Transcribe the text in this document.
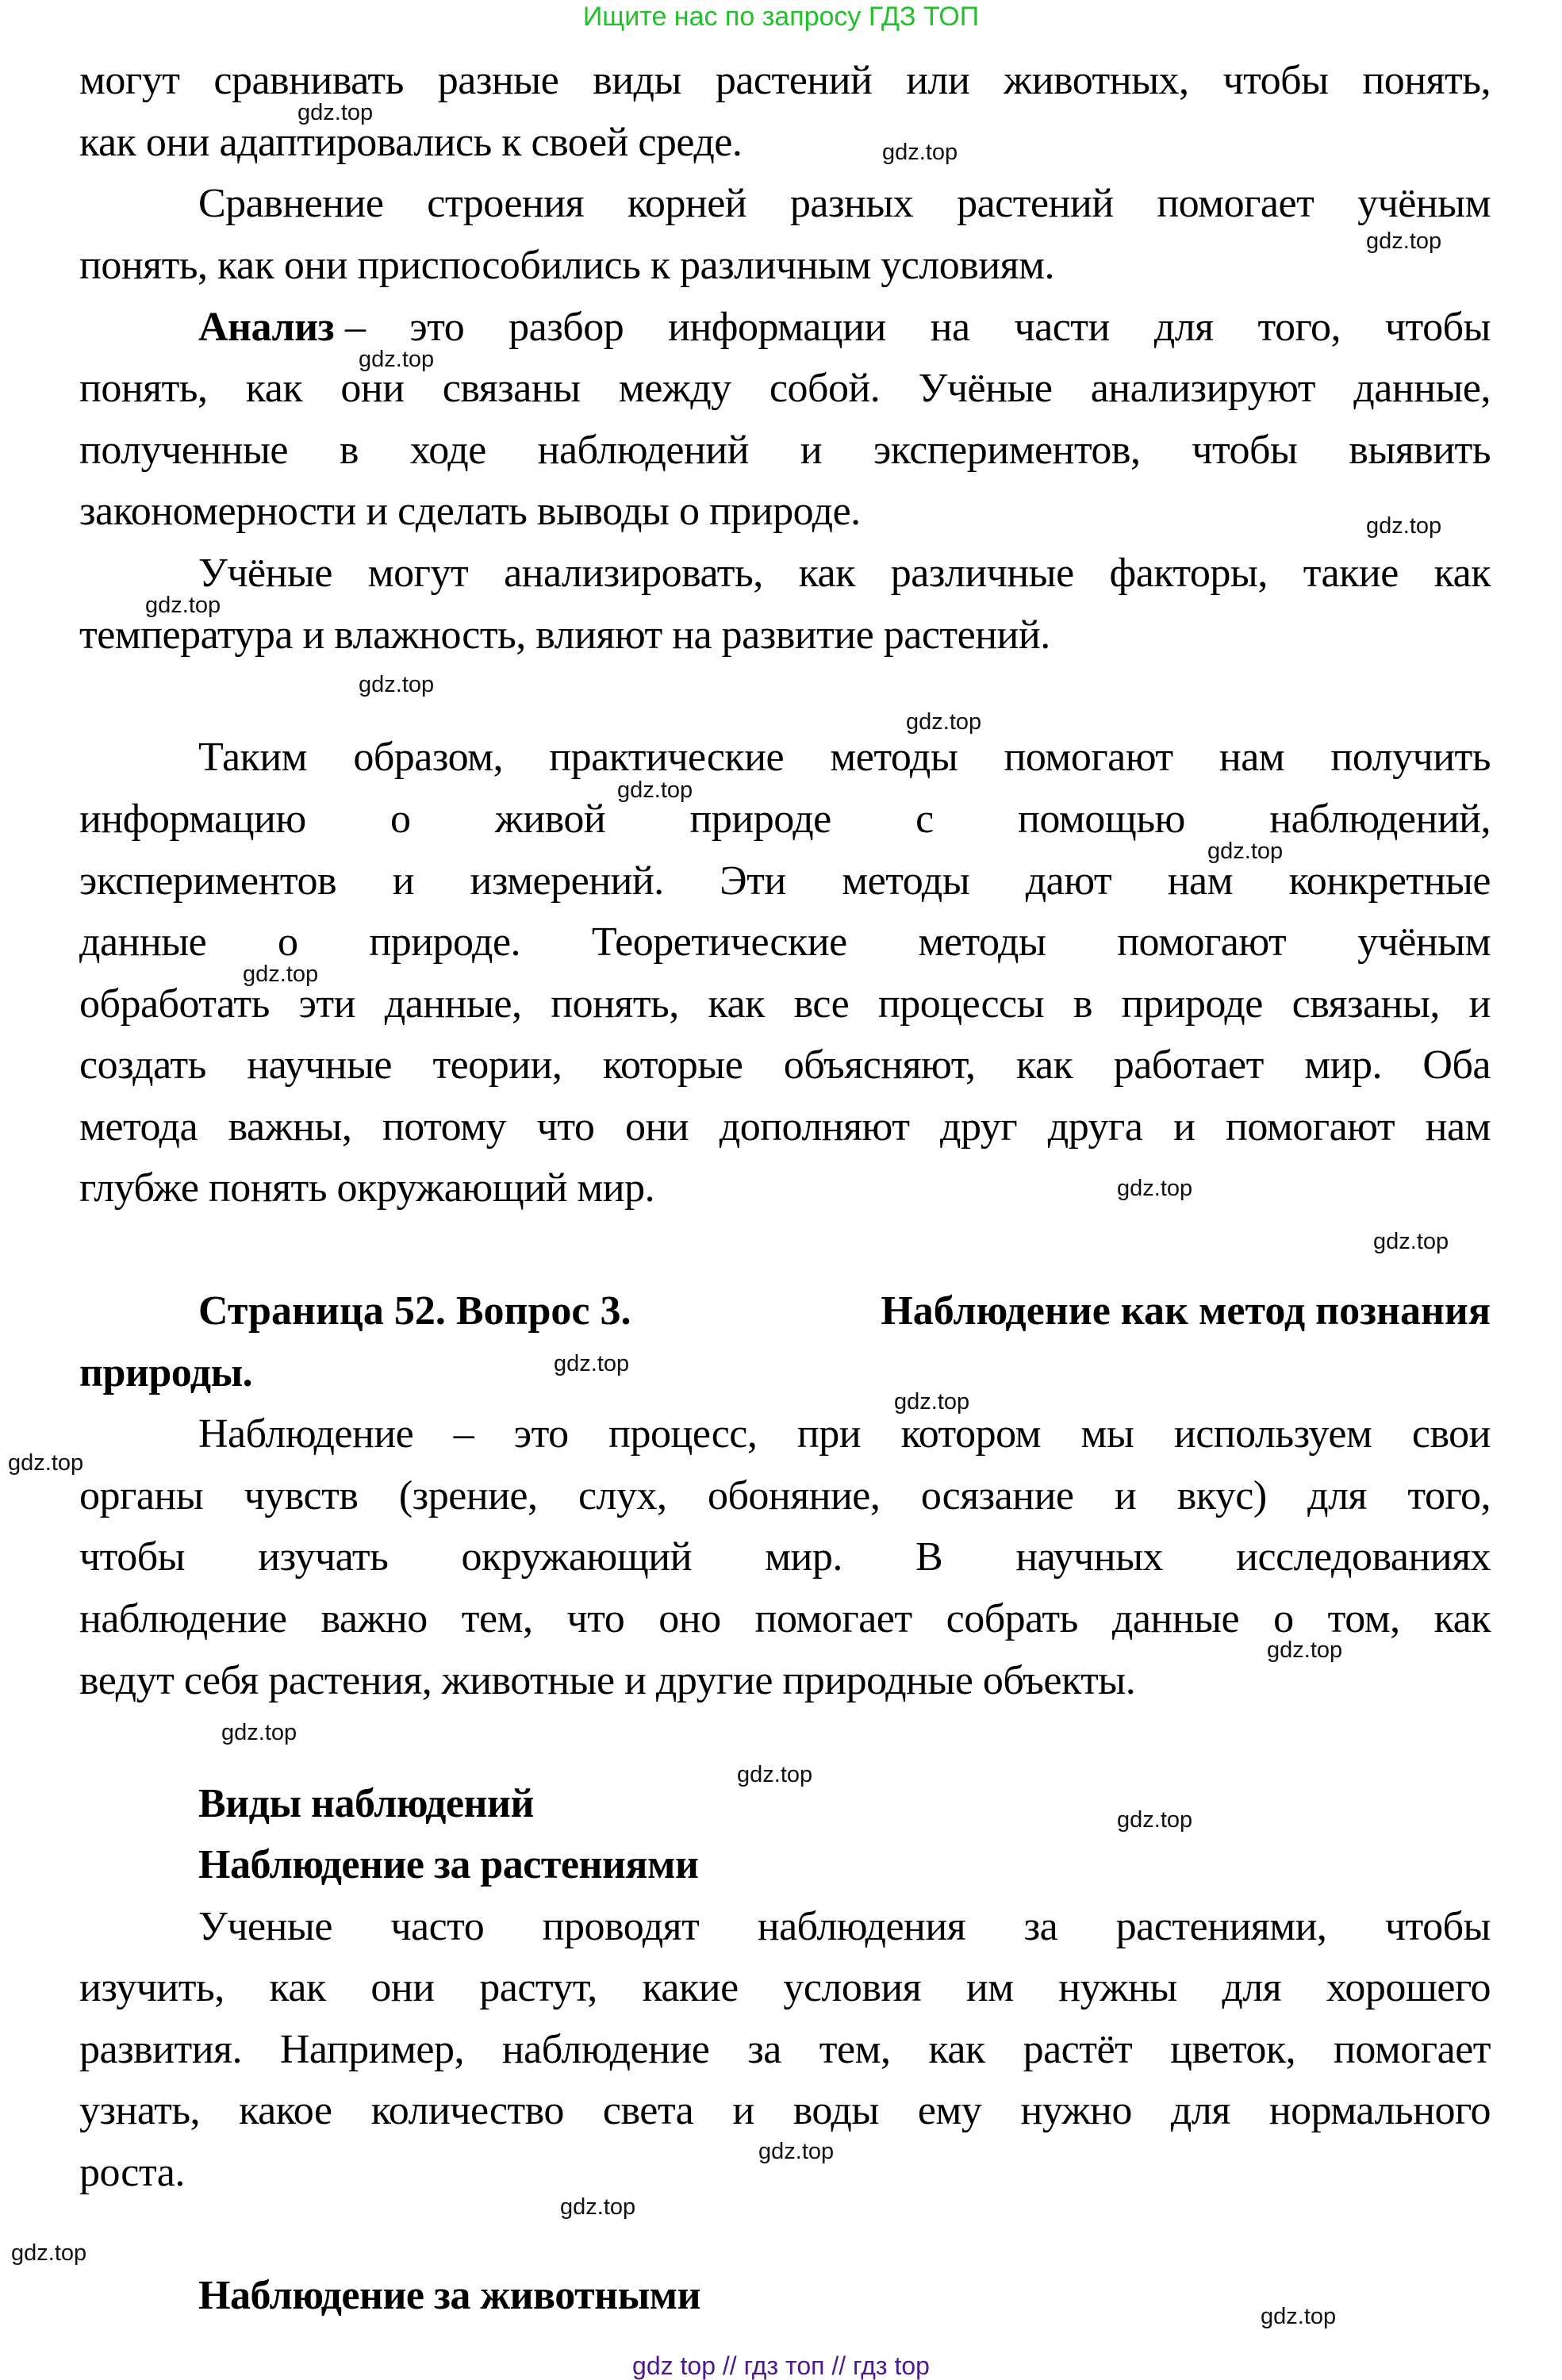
Ищите нас по запросу ГДЗ ТОП
могут сравнивать разные виды растений или животных, чтобы понять,
как они адаптировались к своей среде.
Сравнение строения корней разных растений помогает учёным
понять, как они приспособились к различным условиям.
Анализ – это разбор информации на части для того, чтобы
понять, как они связаны между собой. Учёные анализируют данные,
полученные в ходе наблюдений и экспериментов, чтобы выявить
закономерности и сделать выводы о природе.
Учёные могут анализировать, как различные факторы, такие как
температура и влажность, влияют на развитие растений.
Таким образом, практические методы помогают нам получить
информацию о живой природе с помощью наблюдений,
экспериментов и измерений. Эти методы дают нам конкретные
данные о природе. Теоретические методы помогают учёным
обработать эти данные, понять, как все процессы в природе связаны, и
создать научные теории, которые объясняют, как работает мир. Оба
метода важны, потому что они дополняют друг друга и помогают нам
глубже понять окружающий мир.
Страница 52. Вопрос 3.	Наблюдение как метод познания
природы.
Наблюдение – это процесс, при котором мы используем свои
органы чувств (зрение, слух, обоняние, осязание и вкус) для того,
чтобы изучать окружающий мир. В научных исследованиях
наблюдение важно тем, что оно помогает собрать данные о том, как
ведут себя растения, животные и другие природные объекты.
Виды наблюдений
Наблюдение за растениями
Ученые часто проводят наблюдения за растениями, чтобы
изучить, как они растут, какие условия им нужны для хорошего
развития. Например, наблюдение за тем, как растёт цветок, помогает
узнать, какое количество света и воды ему нужно для нормального
роста.
Наблюдение за животными
gdz.top
gdz.top
gdz.top
gdz.top
gdz.top
gdz.top
gdz.top
gdz.top
gdz.top
gdz.top
gdz.top
gdz.top
gdz.top
gdz.top
gdz.top
gdz.top
gdz.top
gdz.top
gdz.top
gdz.top
gdz.top
gdz.top
gdz.top
gdz.top
gdz top // гдз топ // гдз top
